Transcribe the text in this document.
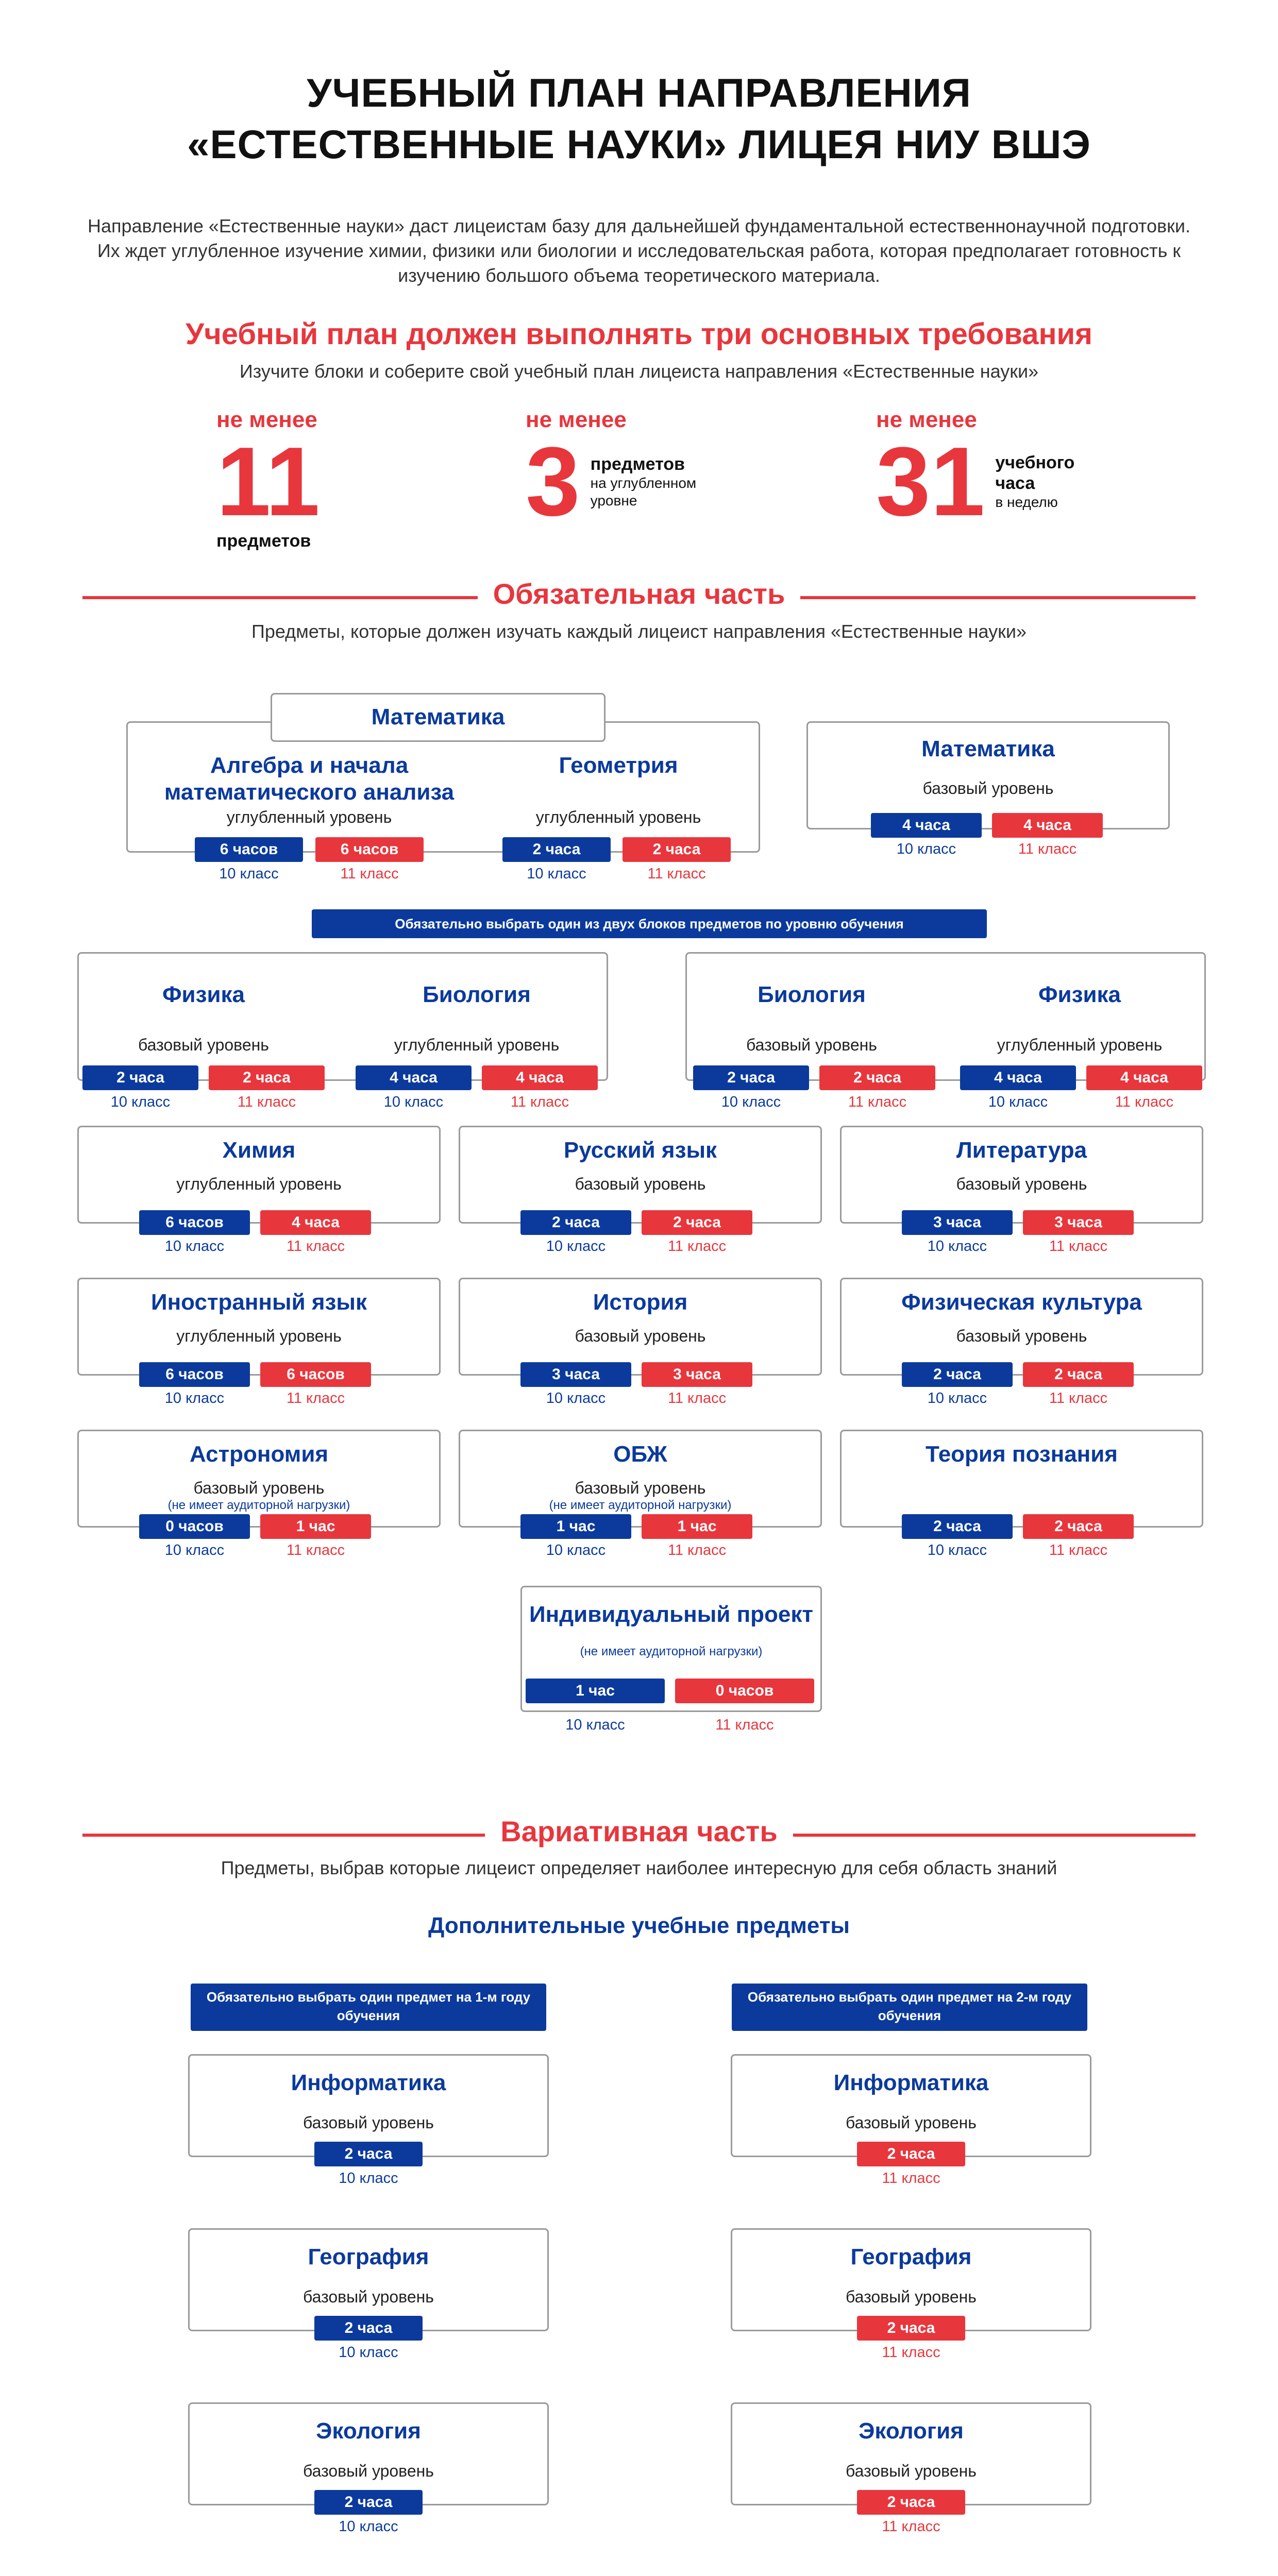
УЧЕБНЫЙ ПЛАН НАПРАВЛЕНИЯ
«ЕСТЕСТВЕННЫЕ НАУКИ» ЛИЦЕЯ НИУ ВШЭ
Направление «Естественные науки» даст лицеистам базу для дальнейшей фундаментальной естественнонаучной подготовки. Их ждет углубленное изучение химии, физики или биологии и исследовательская работа, которая предполагает готовность к изучению большого объема теоретического материала.
Учебный план должен выполнять три основных требования
Изучите блоки и соберите свой учебный план лицеиста направления «Естественные науки»
не менее
11
предметов
не менее
3 предметов
на углубленном уровне
не менее
31 учебного часа
в неделю
Обязательная часть
Предметы, которые должен изучать каждый лицеист направления «Естественные науки»
Математика
Алгебра и начала математического анализа
углубленный уровень
6 часов	6 часов
10 класс	11 класс
Геометрия
углубленный уровень
2 часа	2 часа
10 класс	11 класс
Математика
базовый уровень
4 часа	4 часа
10 класс	11 класс
Обязательно выбрать один из двух блоков предметов по уровню обучения
Физика
базовый уровень
2 часа	2 часа
10 класс	11 класс
Биология
углубленный уровень
4 часа	4 часа
10 класс	11 класс
Биология
базовый уровень
2 часа	2 часа
10 класс	11 класс
Физика
углубленный уровень
4 часа	4 часа
10 класс	11 класс
Химия
углубленный уровень
6 часов	4 часа
10 класс	11 класс
Русский язык
базовый уровень
2 часа	2 часа
10 класс	11 класс
Литература
базовый уровень
3 часа	3 часа
10 класс	11 класс
Иностранный язык
углубленный уровень
6 часов	6 часов
10 класс	11 класс
История
базовый уровень
3 часа	3 часа
10 класс	11 класс
Физическая культура
базовый уровень
2 часа	2 часа
10 класс	11 класс
Астрономия
базовый уровень
(не имеет аудиторной нагрузки)
0 часов	1 час
10 класс	11 класс
ОБЖ
базовый уровень
(не имеет аудиторной нагрузки)
1 час	1 час
10 класс	11 класс
Теория познания
2 часа	2 часа
10 класс	11 класс
Индивидуальный проект
(не имеет аудиторной нагрузки)
1 час	0 часов
10 класс	11 класс
Вариативная часть
Предметы, выбрав которые лицеист определяет наиболее интересную для себя область знаний
Дополнительные учебные предметы
Обязательно выбрать один предмет на 1-м году обучения
Обязательно выбрать один предмет на 2-м году обучения
Информатика
базовый уровень
2 часа
10 класс
География
базовый уровень
2 часа
10 класс
Экология
базовый уровень
2 часа
10 класс
Информатика
базовый уровень
2 часа
11 класс
География
базовый уровень
2 часа
11 класс
Экология
базовый уровень
2 часа
11 класс
